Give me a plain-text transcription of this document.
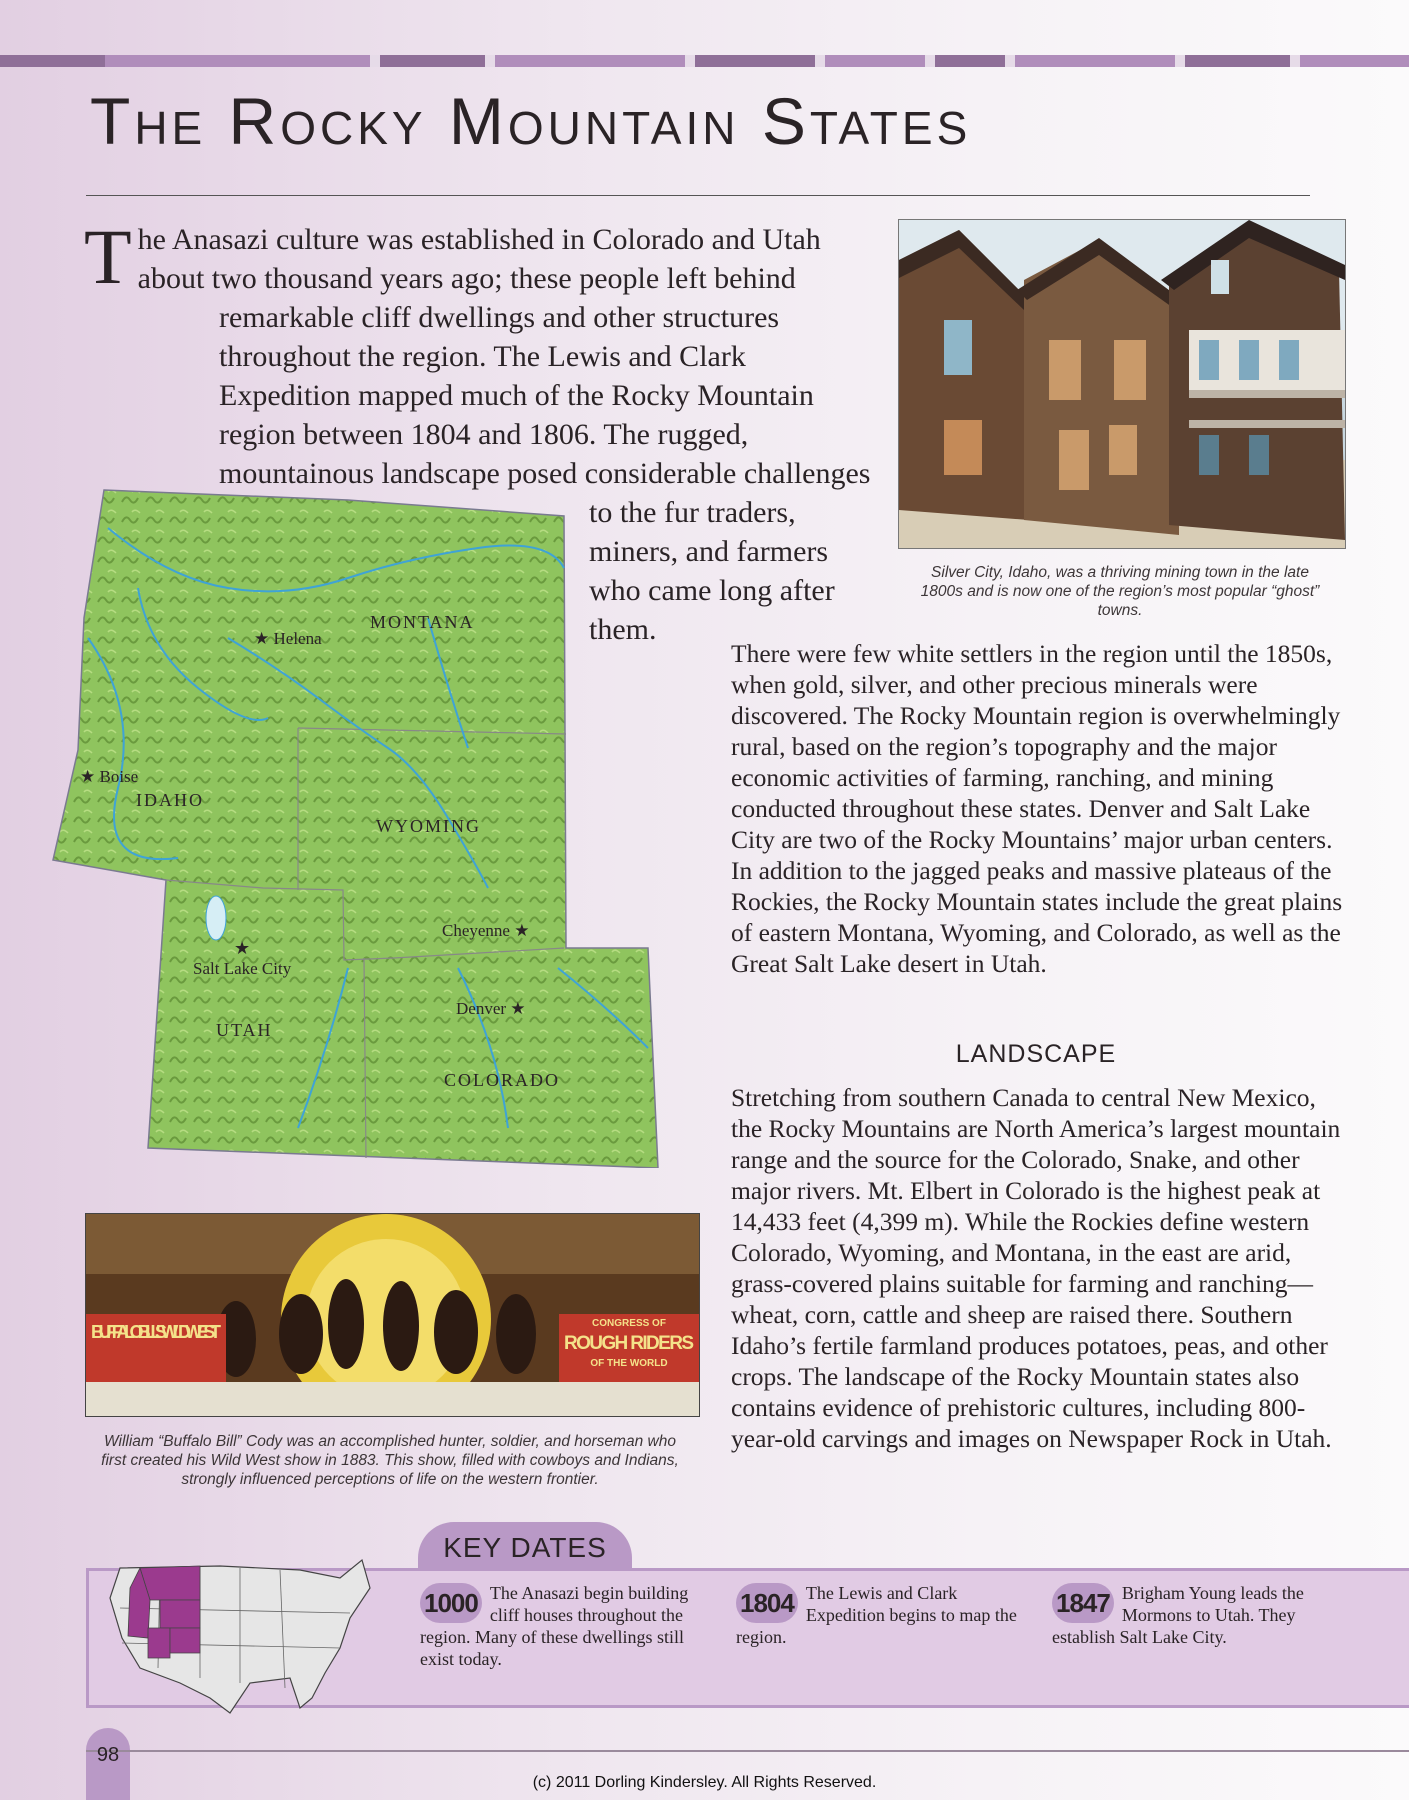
The Rocky Mountain States

The Anasazi culture was established in Colorado and Utah about two thousand years ago; these people left behind remarkable cliff dwellings and other structures throughout the region. The Lewis and Clark Expedition mapped much of the Rocky Mountain region between 1804 and 1806. The rugged, mountainous landscape posed considerable challenges to the fur traders, miners, and farmers who came long after them.

Silver City, Idaho, was a thriving mining town in the late 1800s and is now one of the region’s most popular “ghost” towns.

MONTANA
IDAHO
WYOMING
UTAH
COLORADO
★ Helena
★ Boise
Cheyenne ★
★
Salt Lake City
Denver ★

There were few white settlers in the region until the 1850s, when gold, silver, and other precious minerals were discovered. The Rocky Mountain region is overwhelmingly rural, based on the region’s topography and the major economic activities of farming, ranching, and mining conducted throughout these states. Denver and Salt Lake City are two of the Rocky Mountains’ major urban centers. In addition to the jagged peaks and massive plateaus of the Rockies, the Rocky Mountain states include the great plains of eastern Montana, Wyoming, and Colorado, as well as the Great Salt Lake desert in Utah.

LANDSCAPE

Stretching from southern Canada to central New Mexico, the Rocky Mountains are North America’s largest mountain range and the source for the Colorado, Snake, and other major rivers. Mt. Elbert in Colorado is the highest peak at 14,433 feet (4,399 m). While the Rockies define western Colorado, Wyoming, and Montana, in the east are arid, grass-covered plains suitable for farming and ranching—wheat, corn, cattle and sheep are raised there. Southern Idaho’s fertile farmland produces potatoes, peas, and other crops. The landscape of the Rocky Mountain states also contains evidence of prehistoric cultures, including 800-year-old carvings and images on Newspaper Rock in Utah.

BUFFALO BILL'S WILD WEST	CONGRESS OF
ROUGH RIDERS
OF THE WORLD

William “Buffalo Bill” Cody was an accomplished hunter, soldier, and horseman who first created his Wild West show in 1883. This show, filled with cowboys and Indians, strongly influenced perceptions of life on the western frontier.

KEY DATES

1000 The Anasazi begin building cliff houses throughout the region. Many of these dwellings still exist today.

1804 The Lewis and Clark Expedition begins to map the region.

1847 Brigham Young leads the Mormons to Utah. They establish Salt Lake City.

98
(c) 2011 Dorling Kindersley. All Rights Reserved.
